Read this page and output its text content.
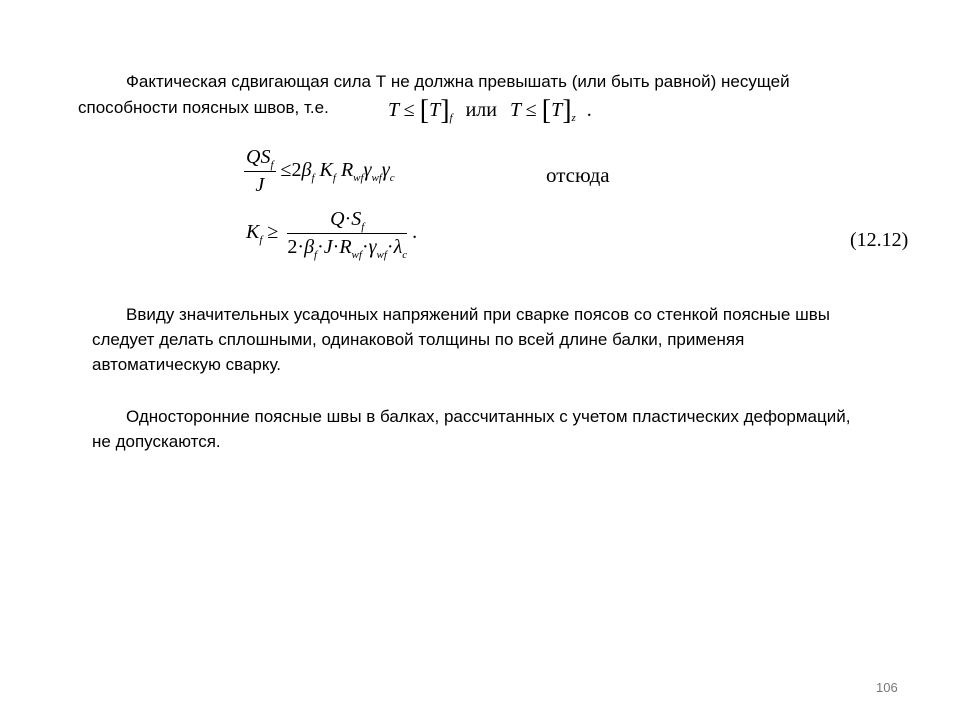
Фактическая сдвигающая сила Т не должна превышать (или быть равной) несущей
способности поясных швов, т.е.	$T \le [T]_f$ или $T \le [T]_z$ .
$\frac{QS_f}{J} \le 2\beta_f$ $K_f$ $R_{wf}\gamma_{wf}\gamma_c$	отсюда
$K_f \ge \frac{Q\cdot S_f}{2\cdot\beta_f\cdot J\cdot R_{wf}\cdot\gamma_{wf}\cdot\lambda_c}$ .	(12.12)
Ввиду значительных усадочных напряжений при сварке поясов со стенкой поясные швы
следует делать сплошными, одинаковой толщины по всей длине балки, применяя
автоматическую сварку.
Односторонние поясные швы в балках, рассчитанных с учетом пластических деформаций,
не допускаются.
106
